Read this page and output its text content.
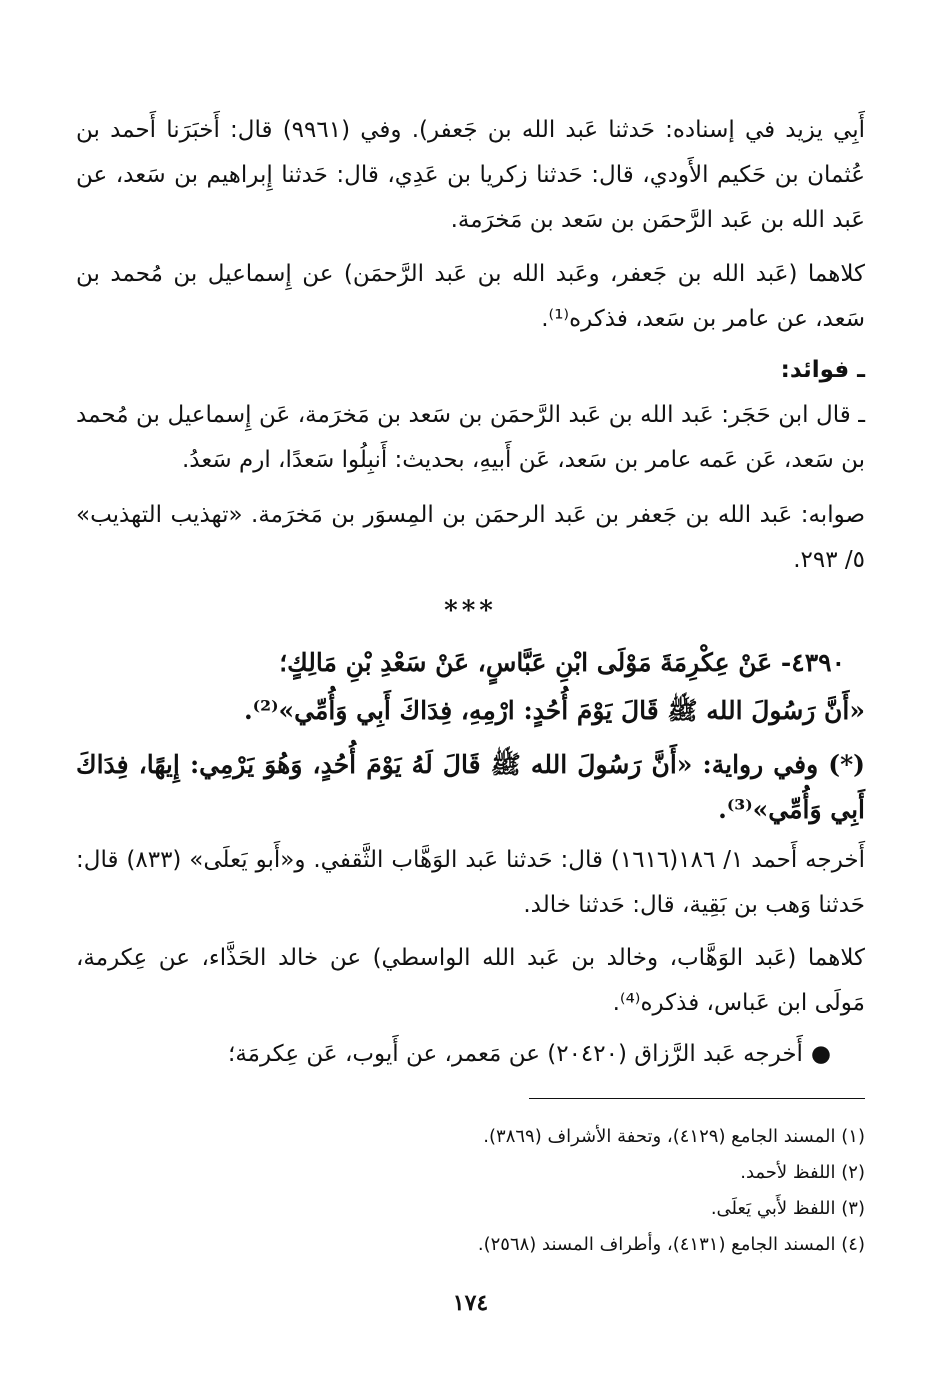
أَبِي يزيد في إسناده: حَدثنا عَبد الله بن جَعفر). وفي (٩٩٦١) قال: أَخبَرَنا أَحمد بن عُثمان بن حَكيم الأَودي، قال: حَدثنا زكريا بن عَدِي، قال: حَدثنا إِبراهيم بن سَعد، عن عَبد الله بن عَبد الرَّحمَن بن سَعد بن مَخرَمة.

كلاهما (عَبد الله بن جَعفر، وعَبد الله بن عَبد الرَّحمَن) عن إِسماعيل بن مُحمد بن سَعد، عن عامر بن سَعد، فذكره⁽¹⁾.

ـ فوائد:

ـ قال ابن حَجَر: عَبد الله بن عَبد الرَّحمَن بن سَعد بن مَخرَمة، عَن إِسماعيل بن مُحمد بن سَعد، عَن عَمه عامر بن سَعد، عَن أَبيهِ، بحديث: أَنبِلُوا سَعدًا، ارم سَعدُ.

صوابه: عَبد الله بن جَعفر بن عَبد الرحمَن بن المِسوَر بن مَخرَمة. «تهذيب التهذيب» ٥/ ٢٩٣.

***

٤٣٩٠- عَنْ عِكْرِمَةَ مَوْلَى ابْنِ عَبَّاسٍ، عَنْ سَعْدِ بْنِ مَالِكٍ؛

«أَنَّ رَسُولَ الله ﷺ قَالَ يَوْمَ أُحُدٍ: ارْمِهِ، فِدَاكَ أَبِي وَأُمِّي»⁽²⁾.

(*) وفي رواية: «أَنَّ رَسُولَ الله ﷺ قَالَ لَهُ يَوْمَ أُحُدٍ، وَهُوَ يَرْمِي: إِيهًا، فِدَاكَ أَبِي وَأُمِّي»⁽³⁾.

أَخرجه أَحمد ١/ ١٨٦(١٦١٦) قال: حَدثنا عَبد الوَهَّاب الثَّقفي. و«أَبو يَعلَى» (٨٣٣) قال: حَدثنا وَهب بن بَقِية، قال: حَدثنا خالد.

كلاهما (عَبد الوَهَّاب، وخالد بن عَبد الله الواسطي) عن خالد الحَذَّاء، عن عِكرمة، مَولَى ابن عَباس، فذكره⁽⁴⁾.

●أَخرجه عَبد الرَّزاق (٢٠٤٢٠) عن مَعمر، عن أَيوب، عَن عِكرمَة؛

(١) المسند الجامع (٤١٢٩)، وتحفة الأشراف (٣٨٦٩).

(٢) اللفظ لأحمد.

(٣) اللفظ لأَبي يَعلَى.

(٤) المسند الجامع (٤١٣١)، وأطراف المسند (٢٥٦٨).

١٧٤
